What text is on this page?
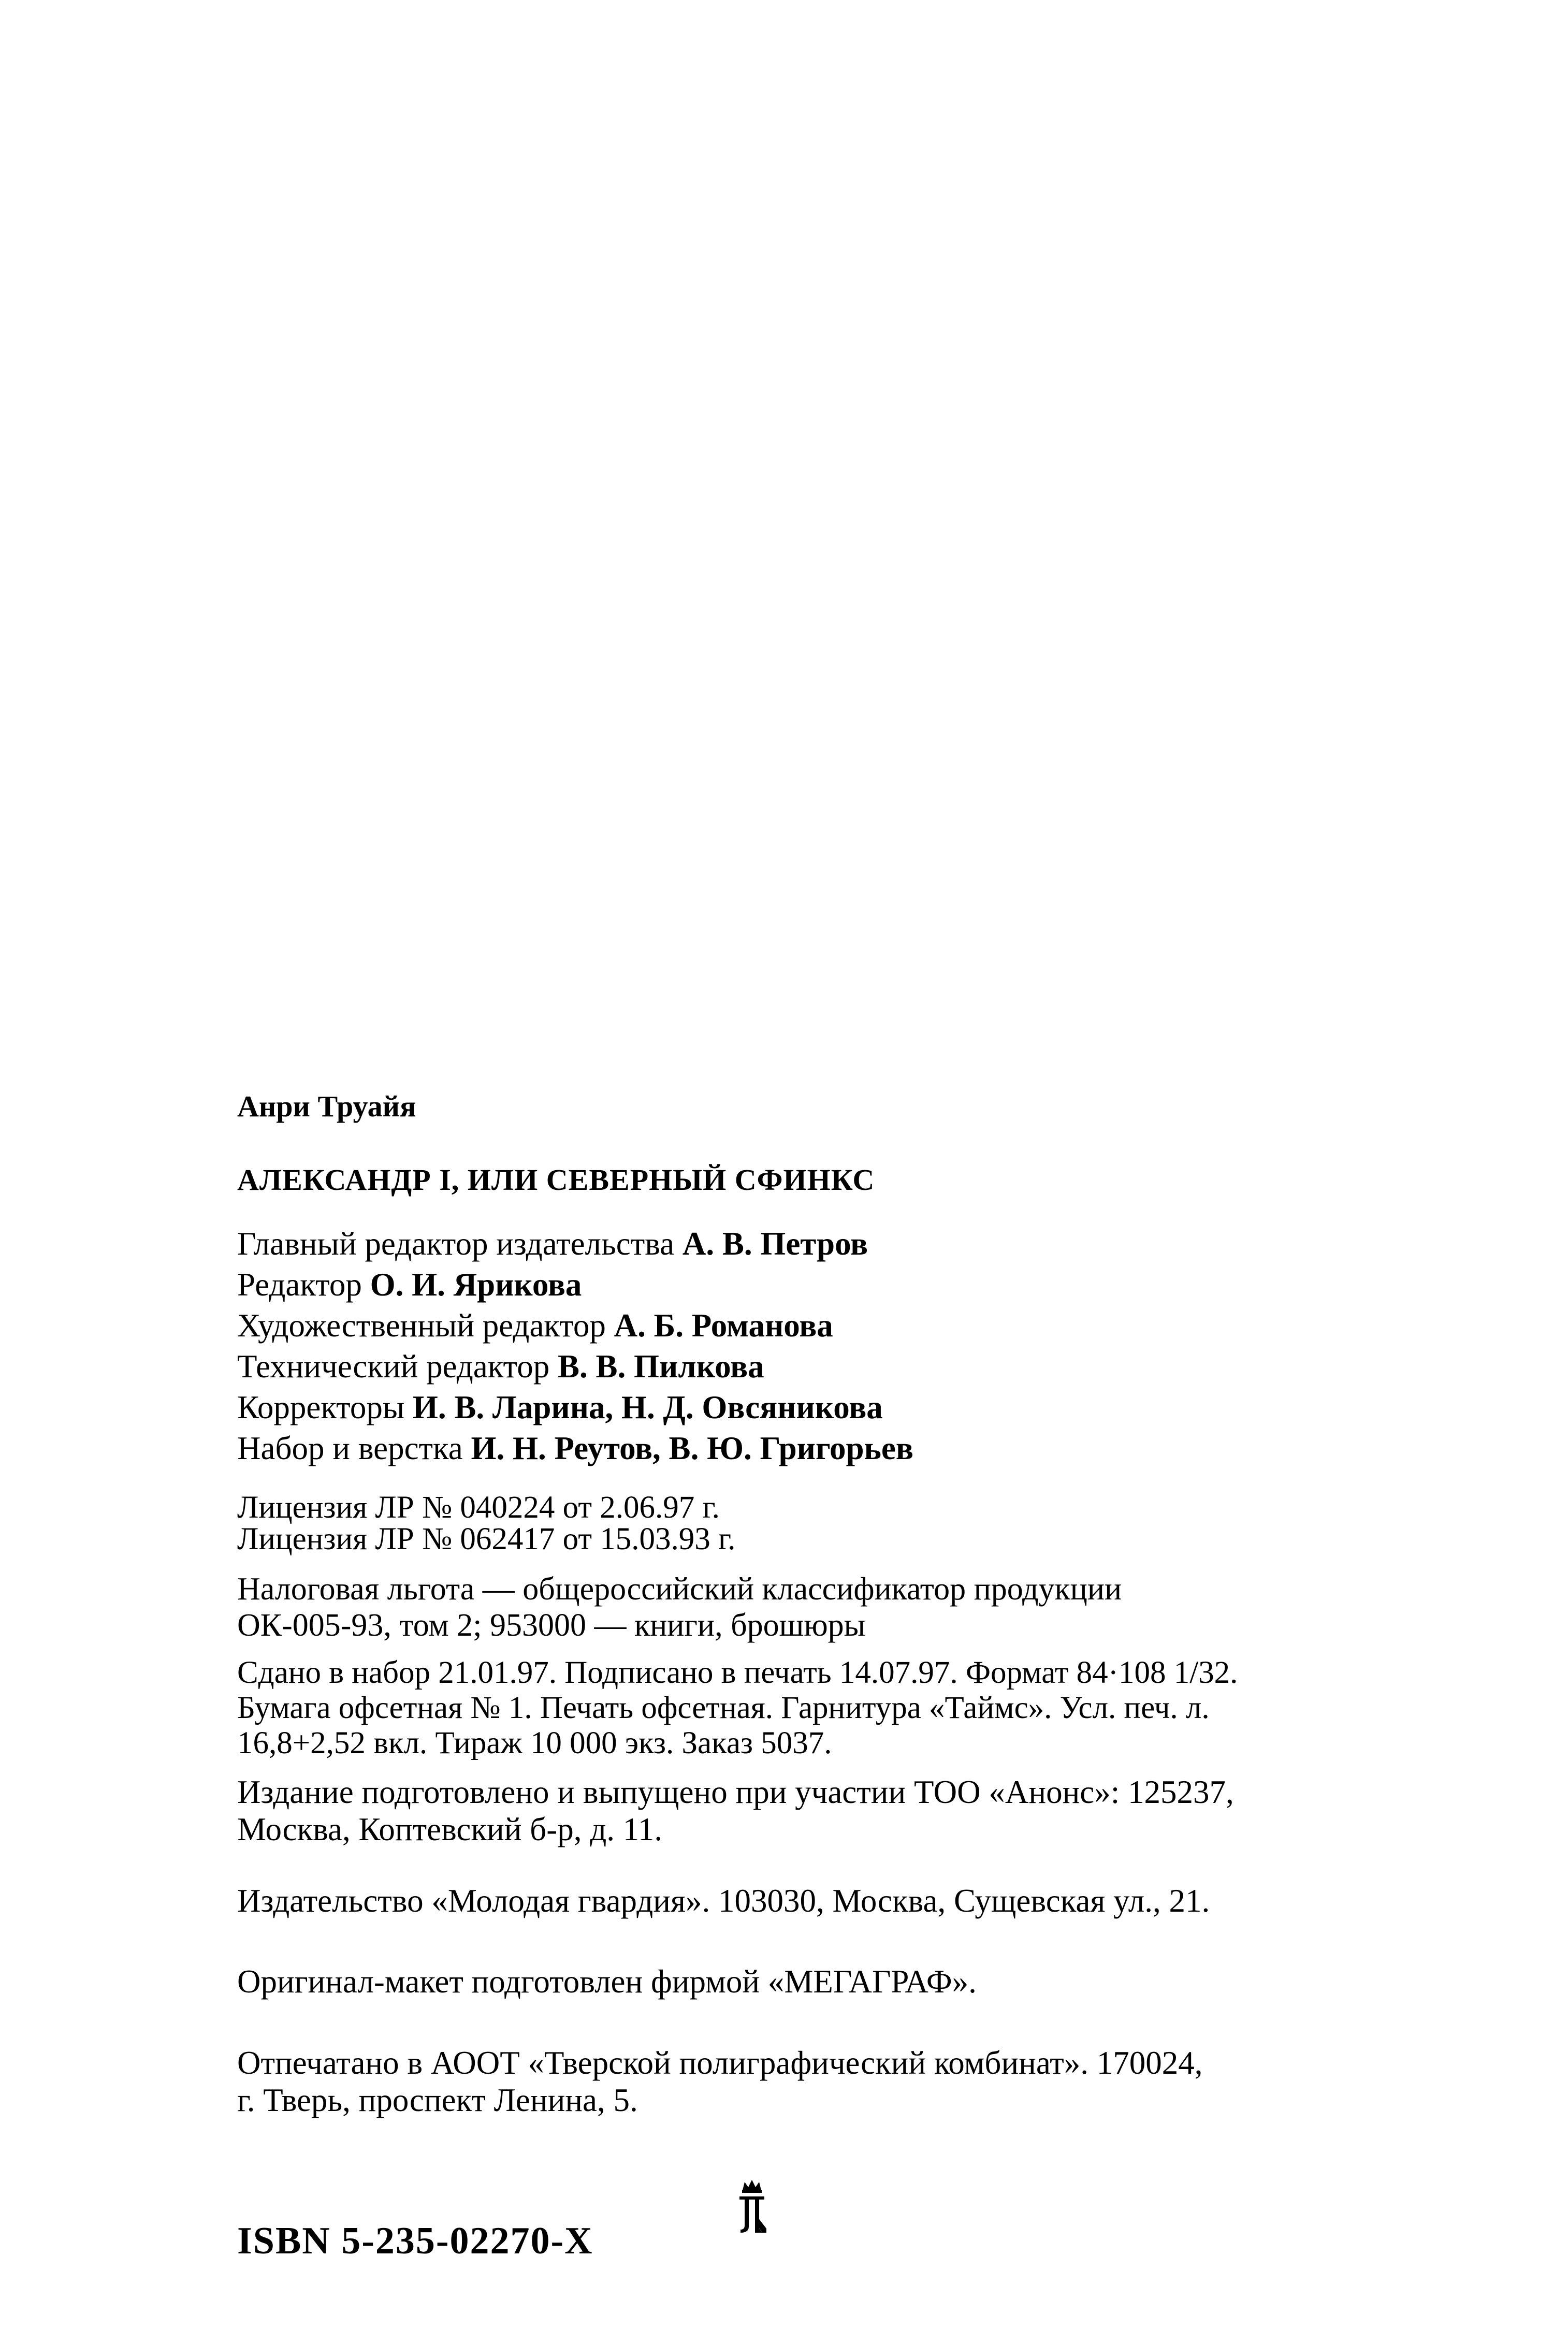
Анри Труайя
АЛЕКСАНДР I, ИЛИ СЕВЕРНЫЙ СФИНКС
Главный редактор издательства А. В. Петров
Редактор О. И. Ярикова
Художественный редактор А. Б. Романова
Технический редактор В. В. Пилкова
Корректоры И. В. Ларина, Н. Д. Овсяникова
Набор и верстка И. Н. Реутов, В. Ю. Григорьев
Лицензия ЛР № 040224 от 2.06.97 г.
Лицензия ЛР № 062417 от 15.03.93 г.
Налоговая льгота — общероссийский классификатор продукции
ОК-005-93, том 2; 953000 — книги, брошюры
Сдано в набор 21.01.97. Подписано в печать 14.07.97. Формат 84·108 1/32.
Бумага офсетная № 1. Печать офсетная. Гарнитура «Таймс». Усл. печ. л.
16,8+2,52 вкл. Тираж 10 000 экз. Заказ 5037.
Издание подготовлено и выпущено при участии ТОО «Анонс»: 125237,
Москва, Коптевский б-р, д. 11.
Издательство «Молодая гвардия». 103030, Москва, Сущевская ул., 21.
Оригинал-макет подготовлен фирмой «МЕГАГРАФ».
Отпечатано в АООТ «Тверской полиграфический комбинат». 170024,
г. Тверь, проспект Ленина, 5.
ISBN 5-235-02270-X
